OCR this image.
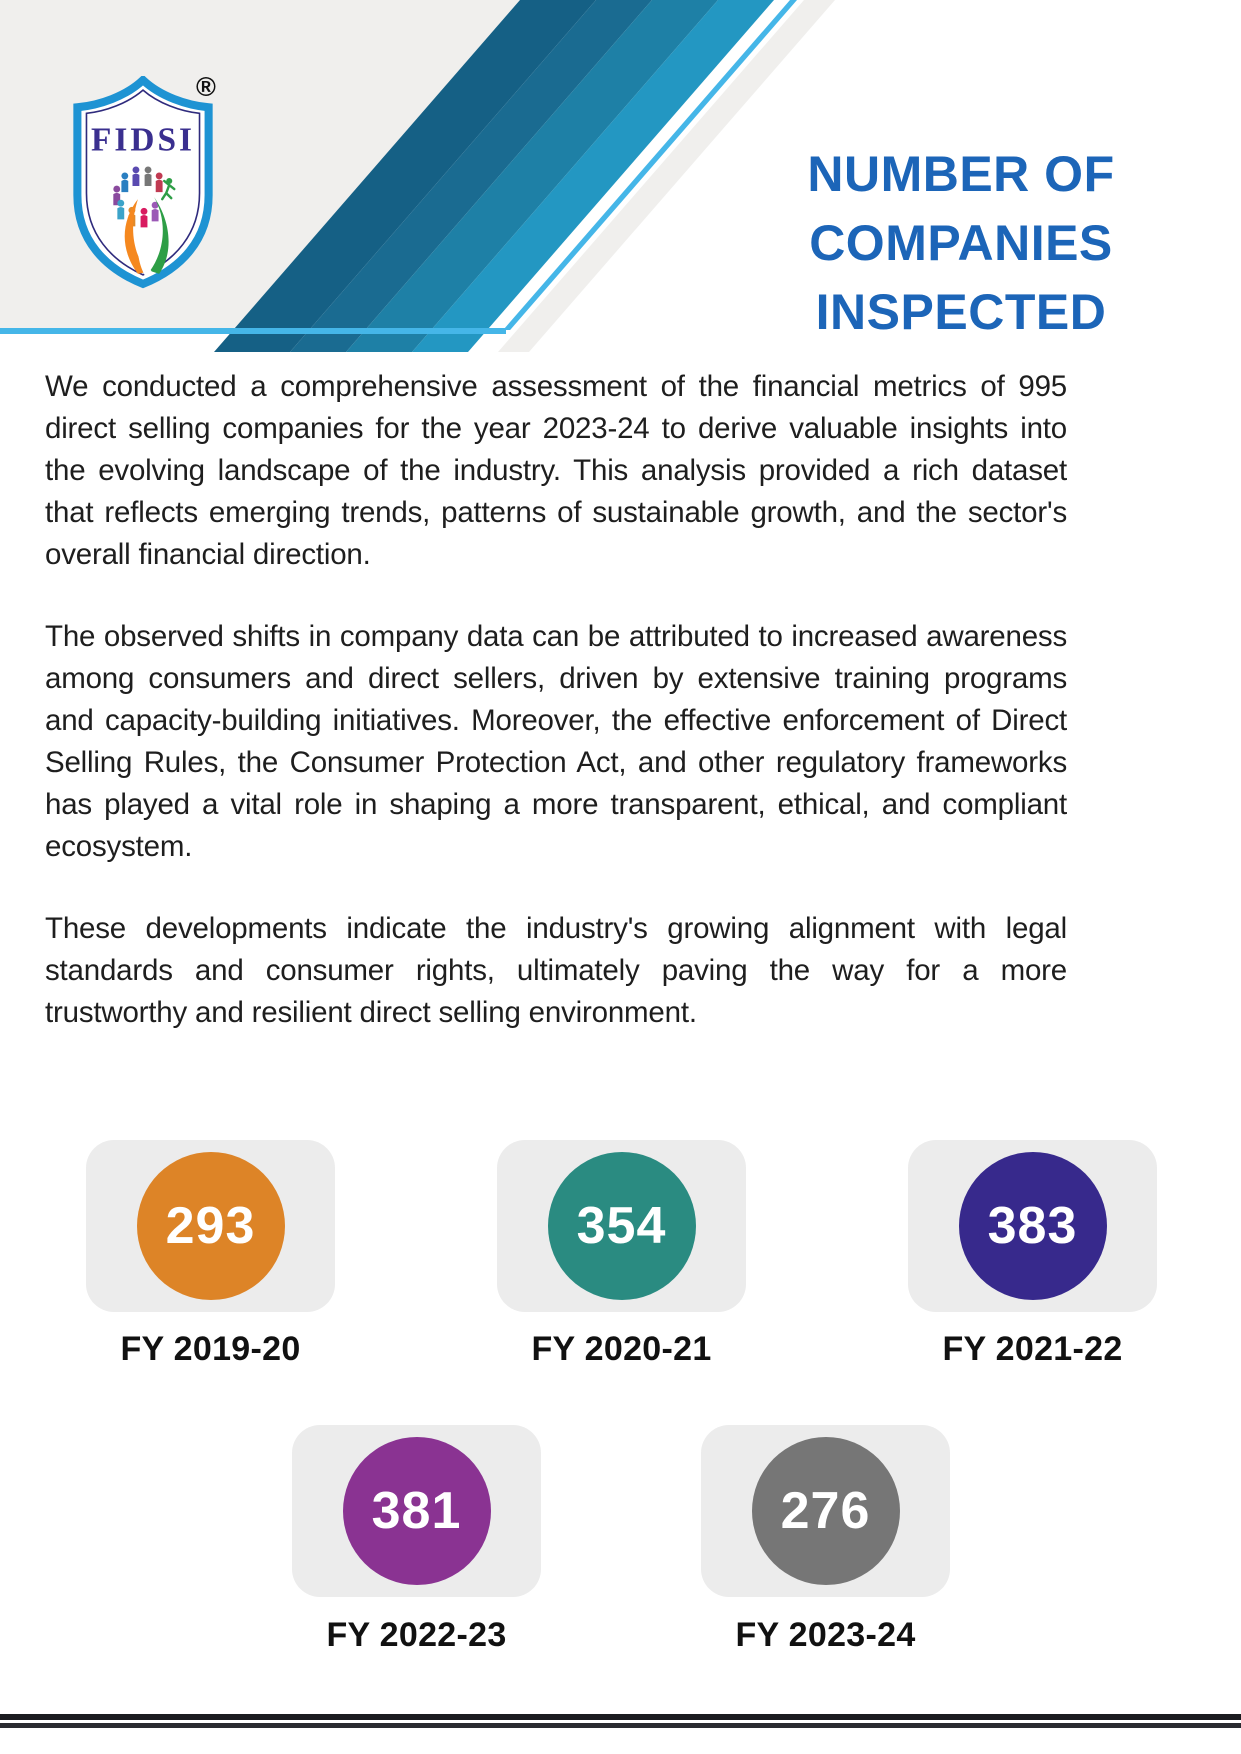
FIDSI
®
NUMBER OF
COMPANIES
INSPECTED

We conducted a comprehensive assessment of the financial metrics of 995 direct selling companies for the year 2023-24 to derive valuable insights into the evolving landscape of the industry. This analysis provided a rich dataset that reflects emerging trends, patterns of sustainable growth, and the sector's overall financial direction.

The observed shifts in company data can be attributed to increased awareness among consumers and direct sellers, driven by extensive training programs and capacity-building initiatives. Moreover, the effective enforcement of Direct Selling Rules, the Consumer Protection Act, and other regulatory frameworks has played a vital role in shaping a more transparent, ethical, and compliant ecosystem.

These developments indicate the industry's growing alignment with legal standards and consumer rights, ultimately paving the way for a more trustworthy and resilient direct selling environment.

293
FY 2019-20
354
FY 2020-21
383
FY 2021-22
381
FY 2022-23
276
FY 2023-24
